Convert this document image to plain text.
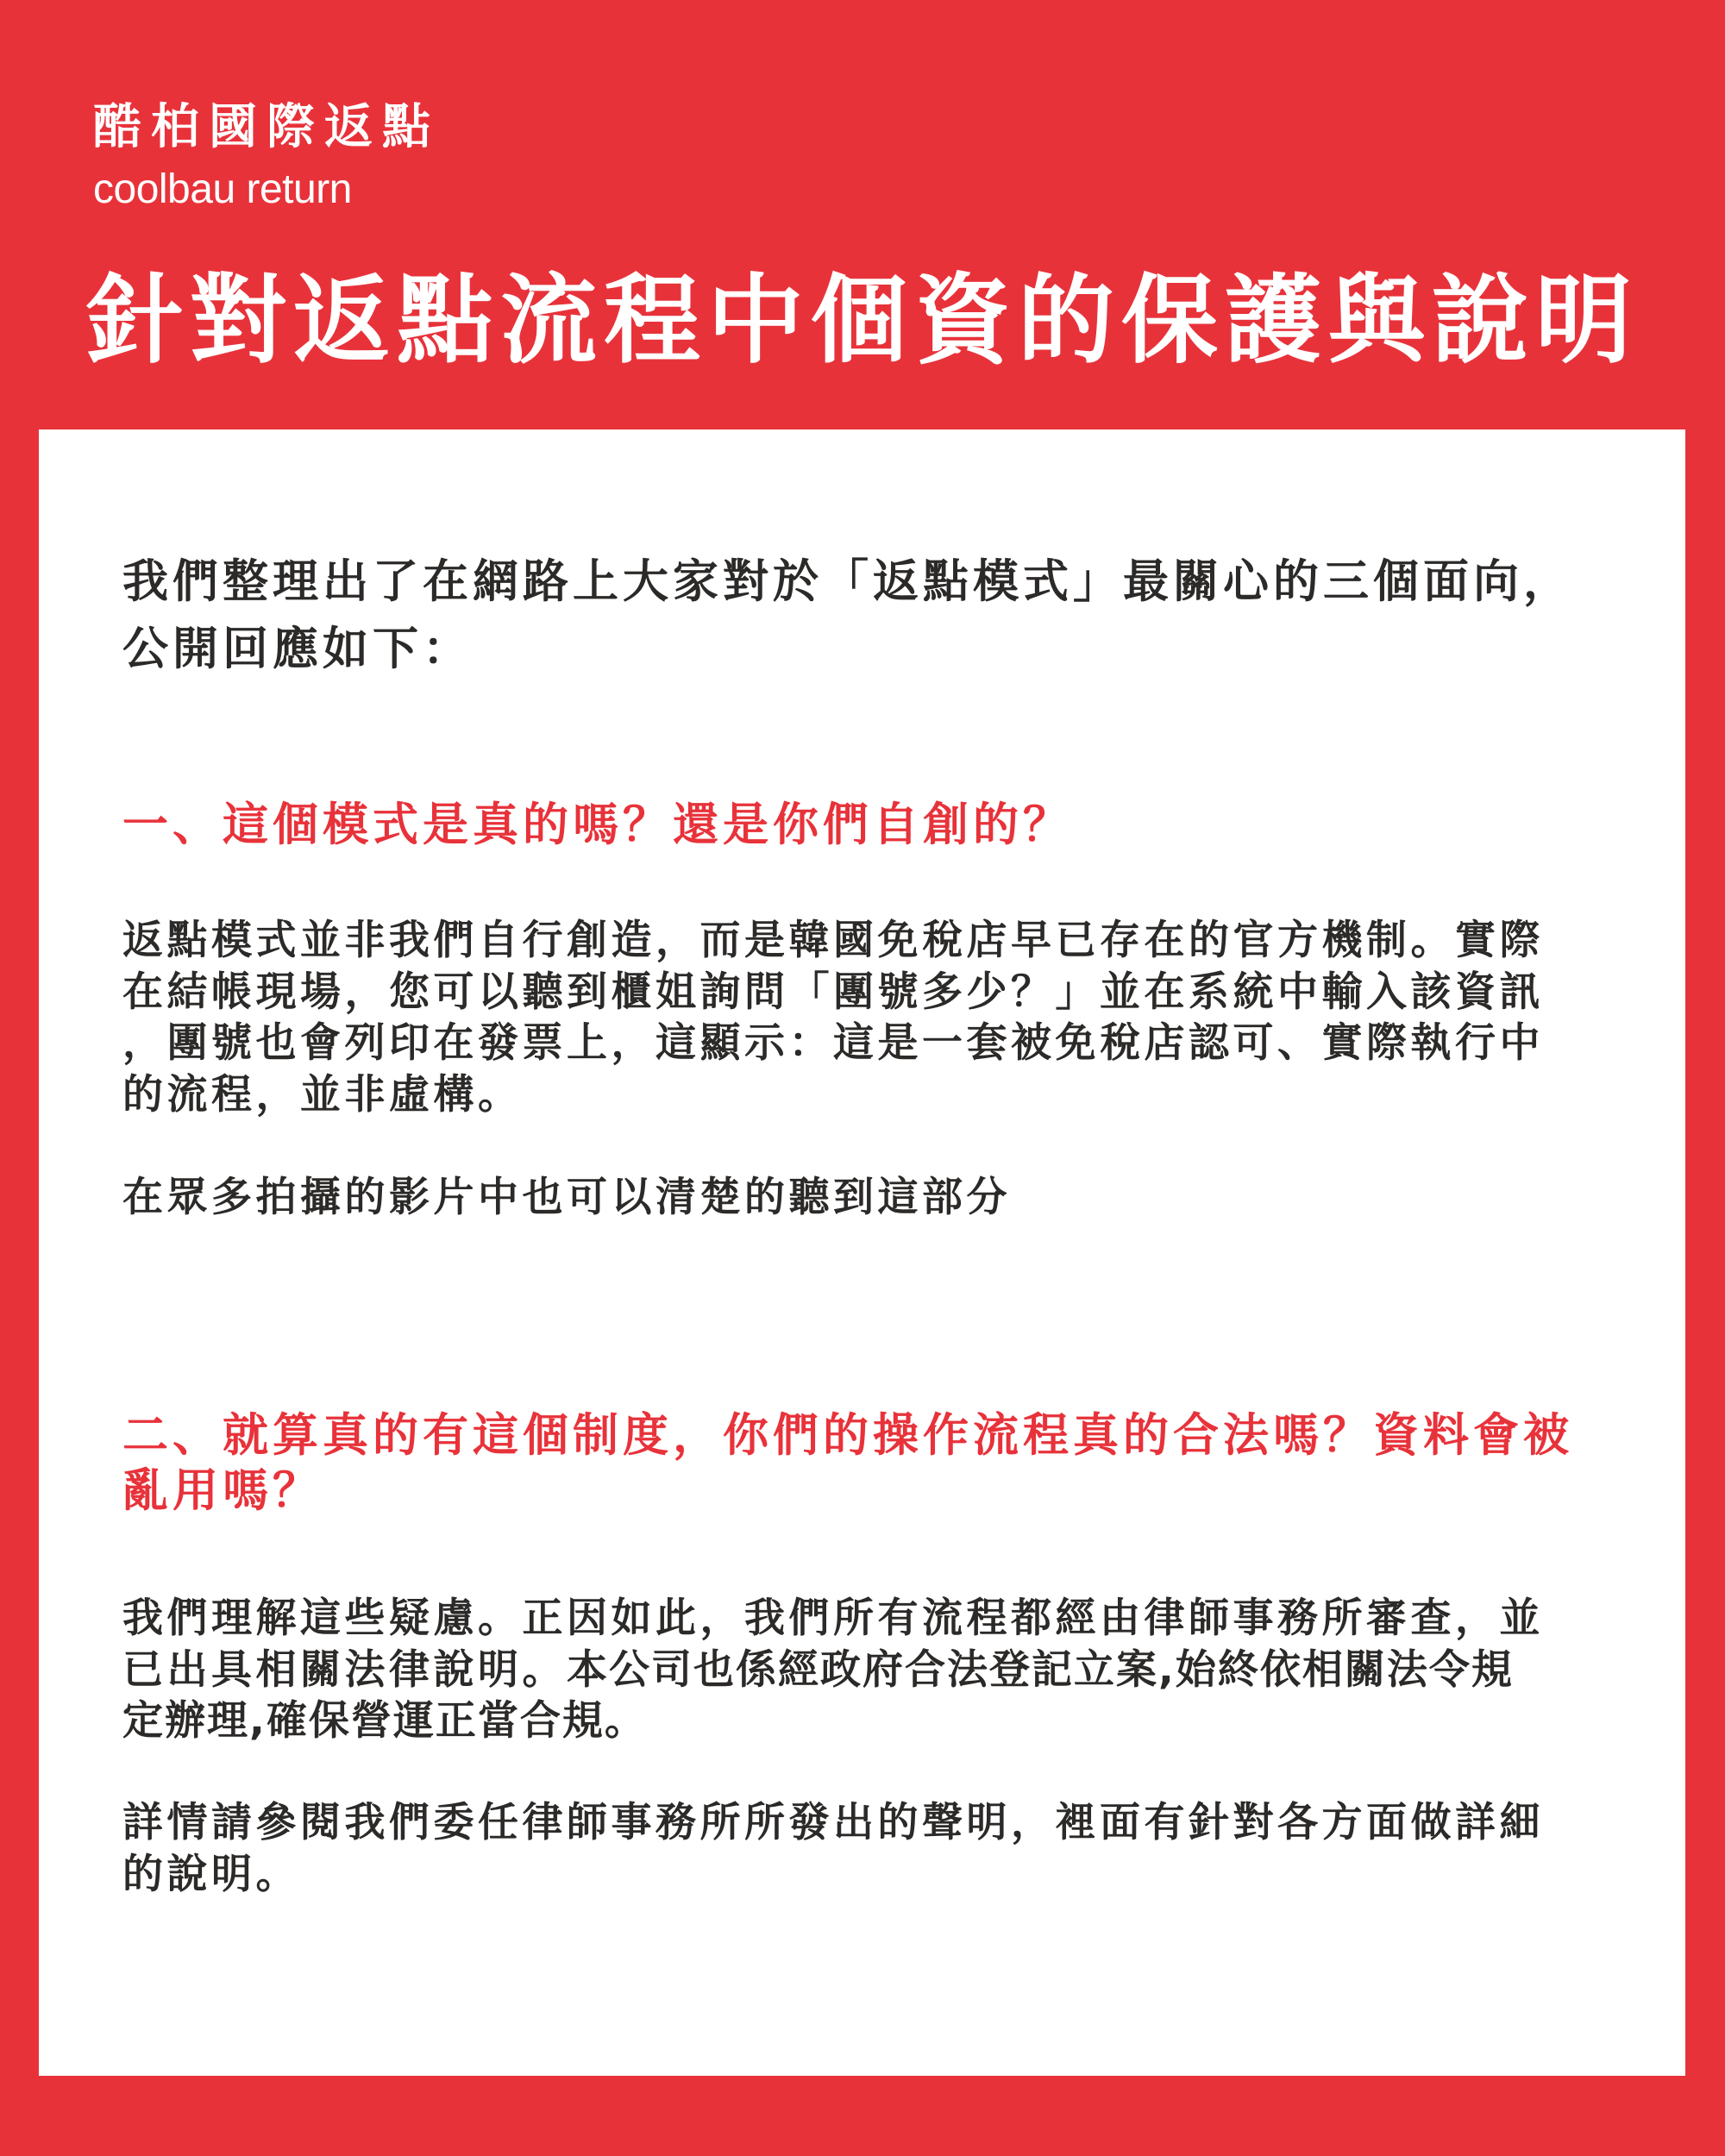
酷柏國際返點
coolbau return
針對返點流程中個資的保護與說明
我們整理出了在網路上大家對於「返點模式」最關心的三個面向，
公開回應如下：
一、這個模式是真的嗎？還是你們自創的？
返點模式並非我們自行創造，而是韓國免稅店早已存在的官方機制。實際
在結帳現場，您可以聽到櫃姐詢問「團號多少？」並在系統中輸入該資訊
，團號也會列印在發票上，這顯示：這是一套被免稅店認可、實際執行中
的流程，並非虛構。
在眾多拍攝的影片中也可以清楚的聽到這部分
二、就算真的有這個制度，你們的操作流程真的合法嗎？資料會被
亂用嗎？
我們理解這些疑慮。正因如此，我們所有流程都經由律師事務所審查，並
已出具相關法律說明。本公司也係經政府合法登記立案,始終依相關法令規
定辦理,確保營運正當合規。
詳情請參閱我們委任律師事務所所發出的聲明，裡面有針對各方面做詳細
的說明。
